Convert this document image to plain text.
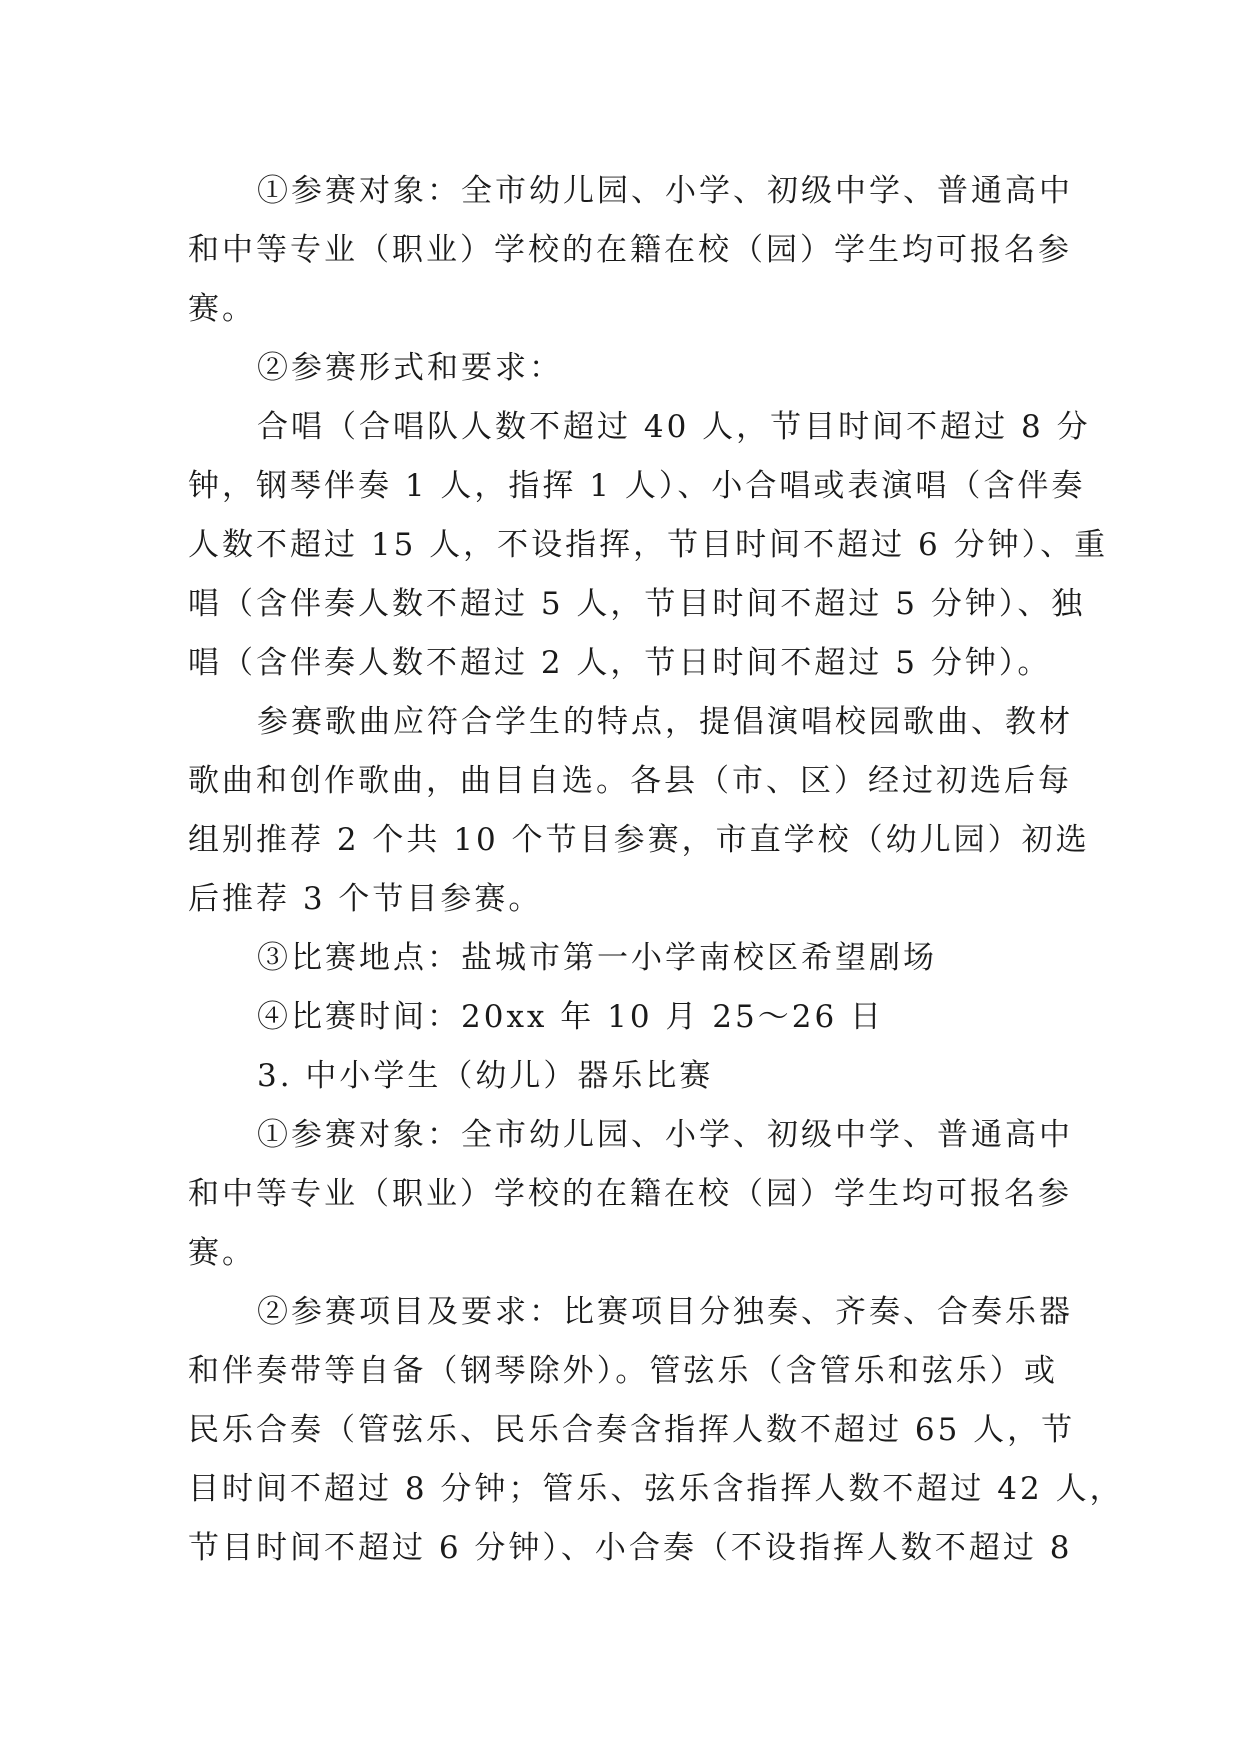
①参赛对象：全市幼儿园、小学、初级中学、普通高中
和中等专业（职业）学校的在籍在校（园）学生均可报名参
赛。
②参赛形式和要求：
合唱（合唱队人数不超过 40 人，节目时间不超过 8 分
钟，钢琴伴奏 1 人，指挥 1 人）、小合唱或表演唱（含伴奏
人数不超过 15 人，不设指挥，节目时间不超过 6 分钟）、重
唱（含伴奏人数不超过 5 人，节目时间不超过 5 分钟）、独
唱（含伴奏人数不超过 2 人，节日时间不超过 5 分钟）。
参赛歌曲应符合学生的特点，提倡演唱校园歌曲、教材
歌曲和创作歌曲，曲目自选。各县（市、区）经过初选后每
组别推荐 2 个共 10 个节目参赛，市直学校（幼儿园）初选
后推荐 3 个节目参赛。
③比赛地点：盐城市第一小学南校区希望剧场
④比赛时间：20xx 年 10 月 25～26 日
3. 中小学生（幼儿）器乐比赛
①参赛对象：全市幼儿园、小学、初级中学、普通高中
和中等专业（职业）学校的在籍在校（园）学生均可报名参
赛。
②参赛项目及要求：比赛项目分独奏、齐奏、合奏乐器
和伴奏带等自备（钢琴除外）。管弦乐（含管乐和弦乐）或
民乐合奏（管弦乐、民乐合奏含指挥人数不超过 65 人，节
目时间不超过 8 分钟；管乐、弦乐含指挥人数不超过 42 人，
节目时间不超过 6 分钟）、小合奏（不设指挥人数不超过 8
